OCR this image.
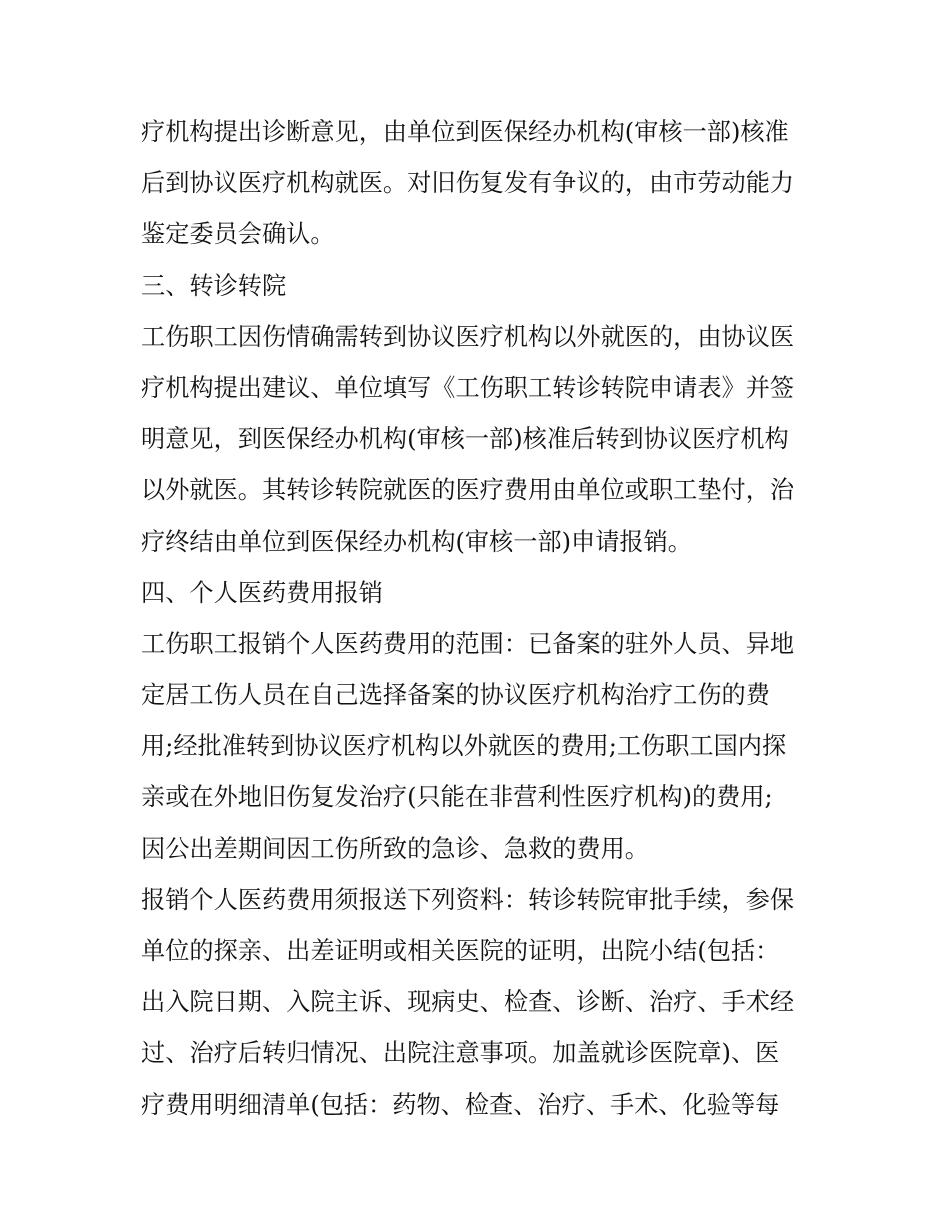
疗机构提出诊断意见，由单位到医保经办机构(审核一部)核准
后到协议医疗机构就医。对旧伤复发有争议的，由市劳动能力
鉴定委员会确认。
三、转诊转院
工伤职工因伤情确需转到协议医疗机构以外就医的，由协议医
疗机构提出建议、单位填写《工伤职工转诊转院申请表》并签
明意见，到医保经办机构(审核一部)核准后转到协议医疗机构
以外就医。其转诊转院就医的医疗费用由单位或职工垫付，治
疗终结由单位到医保经办机构(审核一部)申请报销。
四、个人医药费用报销
工伤职工报销个人医药费用的范围：已备案的驻外人员、异地
定居工伤人员在自己选择备案的协议医疗机构治疗工伤的费
用;经批准转到协议医疗机构以外就医的费用;工伤职工国内探
亲或在外地旧伤复发治疗(只能在非营利性医疗机构)的费用;
因公出差期间因工伤所致的急诊、急救的费用。
报销个人医药费用须报送下列资料：转诊转院审批手续，参保
单位的探亲、出差证明或相关医院的证明，出院小结(包括：
出入院日期、入院主诉、现病史、检查、诊断、治疗、手术经
过、治疗后转归情况、出院注意事项。加盖就诊医院章)、医
疗费用明细清单(包括：药物、检查、治疗、手术、化验等每
